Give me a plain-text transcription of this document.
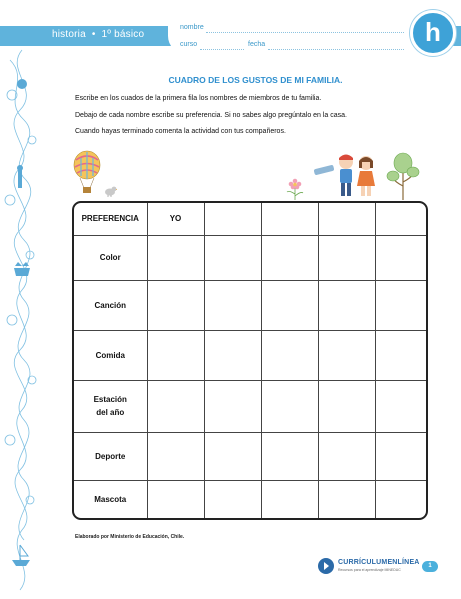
historia • 1º básico
nombre
curso	fecha	h
CUADRO DE LOS GUSTOS DE MI FAMILIA.
Escribe en los cuados de la primera fila los nombres de miembros de tu familia.
Debajo de cada nombre escribe su preferencia. Si no sabes algo pregúntalo en la casa.
Cuando hayas terminado comenta la actividad con tus compañeros.
PREFERENCIA	YO				
Color					
Canción					
Comida					

Estación
del año					

Deporte					
Mascota					
Elaborado por Ministerio de Educación, Chile.
CURRÍCULUMENLÍNEA
Recursos para el aprendizaje MINEDUC
1
